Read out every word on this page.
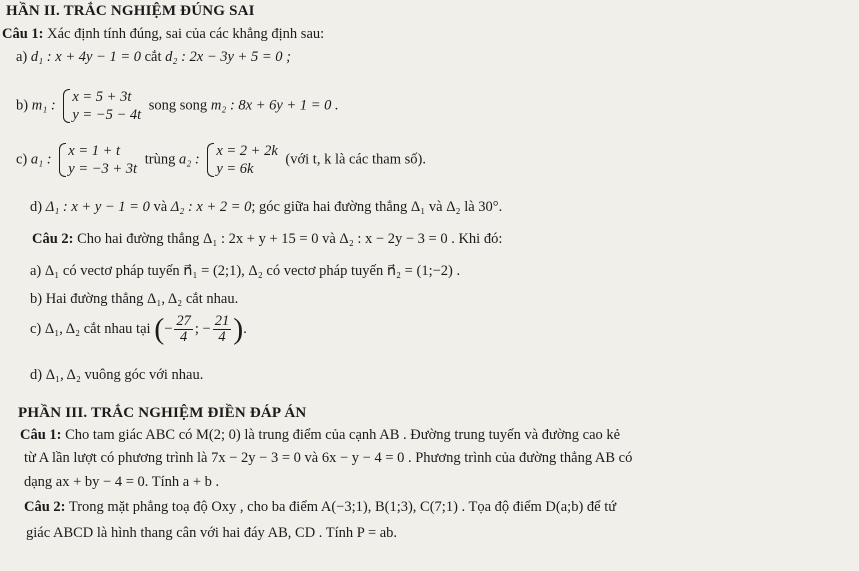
HẦN II. TRẮC NGHIỆM ĐÚNG SAI
Câu 1: Xác định tính đúng, sai của các khẳng định sau:
a) d₁ : x + 4y − 1 = 0 cắt d₂ : 2x − 3y + 5 = 0 ;
b) m₁ :
x = 5 + 3t
y = −5 − 4t
song song m₂ : 8x + 6y + 1 = 0 .
c) a₁ :
x = 1 + t
y = −3 + 3t
trùng a₂ :
x = 2 + 2k
y = 6k
(với t, k là các tham số).
d) Δ₁ : x + y − 1 = 0 và Δ₂ : x + 2 = 0; góc giữa hai đường thẳng Δ₁ và Δ₂ là 30°.
Câu 2: Cho hai đường thẳng Δ₁ : 2x + y + 15 = 0 và Δ₂ : x − 2y − 3 = 0 . Khi đó:
a) Δ₁ có vectơ pháp tuyến n⃗₁ = (2;1), Δ₂ có vectơ pháp tuyến n⃗₂ = (1;−2) .
b) Hai đường thẳng Δ₁, Δ₂ cắt nhau.
c) Δ₁, Δ₂ cắt nhau tại (− $\frac{27}{4}$ ; − $\frac{21}{4}$ ).
d) Δ₁, Δ₂ vuông góc với nhau.
PHẦN III. TRẮC NGHIỆM ĐIỀN ĐÁP ÁN
Câu 1: Cho tam giác ABC có M(2; 0) là trung điểm của cạnh AB . Đường trung tuyến và đường cao kẻ
từ A lần lượt có phương trình là 7x − 2y − 3 = 0 và 6x − y − 4 = 0 . Phương trình của đường thẳng AB có
dạng ax + by − 4 = 0. Tính a + b .
Câu 2: Trong mặt phẳng toạ độ Oxy , cho ba điểm A(−3;1), B(1;3), C(7;1) . Tọa độ điểm D(a;b) để tứ
giác ABCD là hình thang cân với hai đáy AB, CD . Tính P = ab.
